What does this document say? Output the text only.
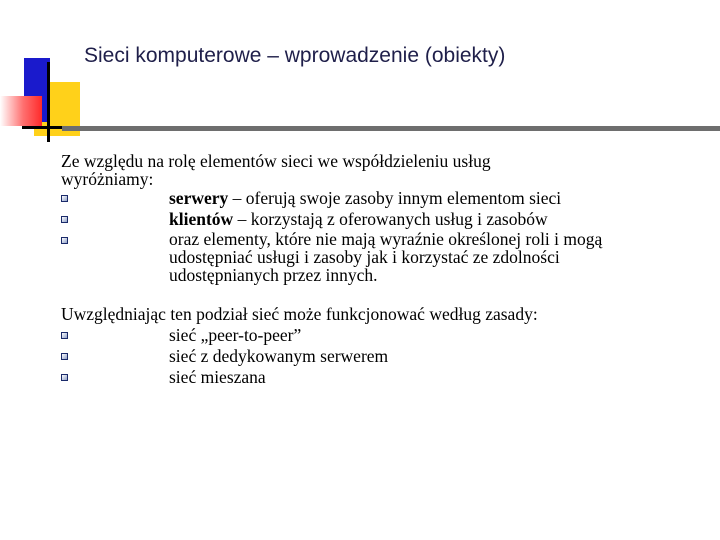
Sieci komputerowe – wprowadzenie (obiekty)

Ze względu na rolę elementów sieci we współdzieleniu usług
wyróżniamy:

serwery – oferują swoje zasoby innym elementom sieci
klientów – korzystają z oferowanych usług i zasobów
oraz elementy, które nie mają wyraźnie określonej roli i mogą
udostępniać usługi i zasoby jak i korzystać ze zdolności
udostępnianych przez innych.

Uwzględniając ten podział sieć może funkcjonować według zasady:

sieć „peer-to-peer”
sieć z dedykowanym serwerem
sieć mieszana
